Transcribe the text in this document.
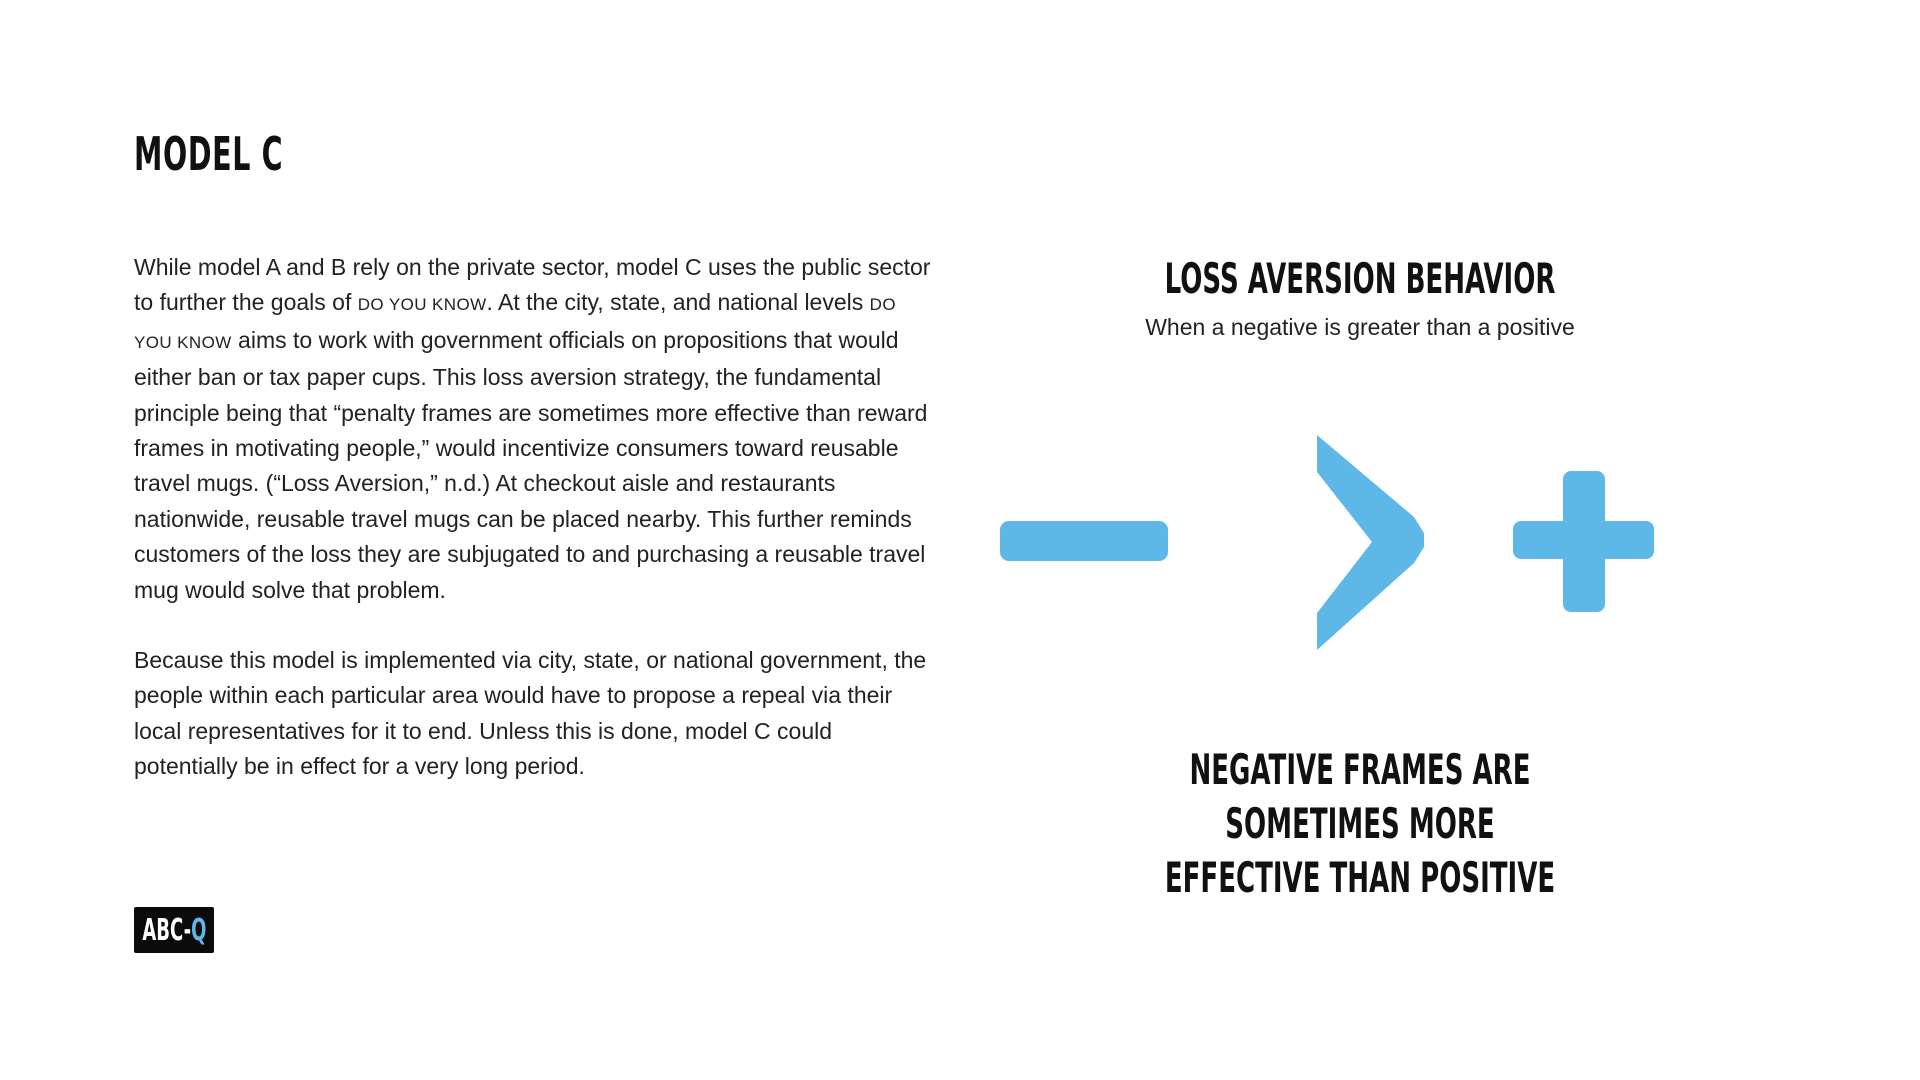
MODEL C

While model A and B rely on the private sector, model C uses the public sector to further the goals of DO YOU KNOW. At the city, state, and national levels DO YOU KNOW aims to work with government officials on propositions that would either ban or tax paper cups. This loss aversion strategy, the fundamental principle being that “penalty frames are sometimes more effective than reward frames in motivating people,” would incentivize consumers toward reusable travel mugs. (“Loss Aversion,” n.d.) At checkout aisle and restaurants nationwide, reusable travel mugs can be placed nearby. This further reminds customers of the loss they are subjugated to and purchasing a reusable travel mug would solve that problem.

Because this model is implemented via city, state, or national government, the people within each particular area would have to propose a repeal via their local representatives for it to end. Unless this is done, model C could potentially be in effect for a very long period.

LOSS AVERSION BEHAVIOR
When a negative is greater than a positive
NEGATIVE FRAMES ARE SOMETIMES MORE
EFFECTIVE THAN POSITIVE
ABC-Q
